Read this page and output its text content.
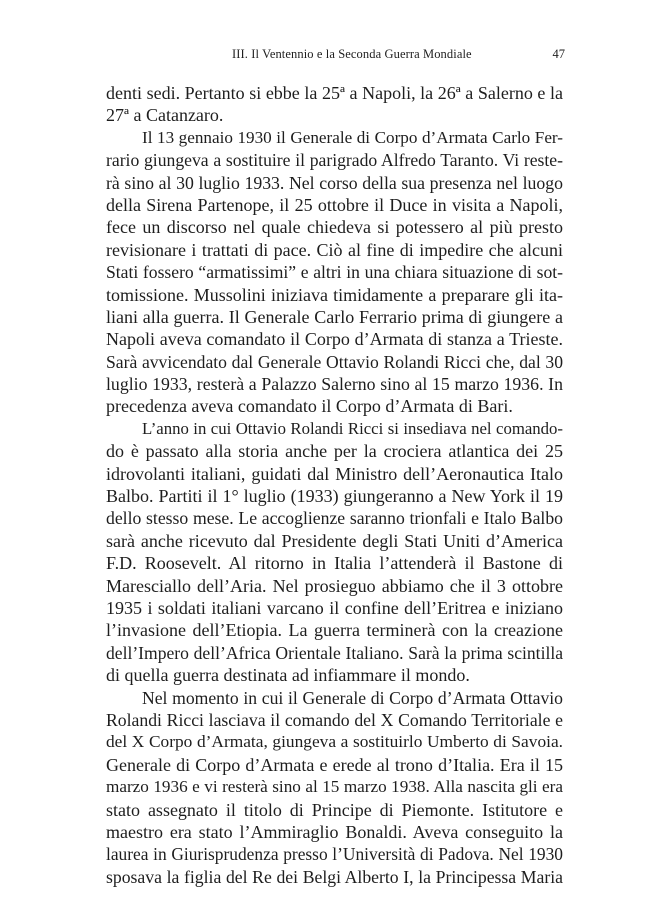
III. Il Ventennio e la Seconda Guerra Mondiale	47
denti sedi. Pertanto si ebbe la 25ª a Napoli, la 26ª a Salerno e la
27ª a Catanzaro.
Il 13 gennaio 1930 il Generale di Corpo d’Armata Carlo Fer-
rario giungeva a sostituire il parigrado Alfredo Taranto. Vi reste-
rà sino al 30 luglio 1933. Nel corso della sua presenza nel luogo
della Sirena Partenope, il 25 ottobre il Duce in visita a Napoli,
fece un discorso nel quale chiedeva si potessero al più presto
revisionare i trattati di pace. Ciò al fine di impedire che alcuni
Stati fossero “armatissimi” e altri in una chiara situazione di sot-
tomissione. Mussolini iniziava timidamente a preparare gli ita-
liani alla guerra. Il Generale Carlo Ferrario prima di giungere a
Napoli aveva comandato il Corpo d’Armata di stanza a Trieste.
Sarà avvicendato dal Generale Ottavio Rolandi Ricci che, dal 30
luglio 1933, resterà a Palazzo Salerno sino al 15 marzo 1936. In
precedenza aveva comandato il Corpo d’Armata di Bari.
L’anno in cui Ottavio Rolandi Ricci si insediava nel comando-
do è passato alla storia anche per la crociera atlantica dei 25
idrovolanti italiani, guidati dal Ministro dell’Aeronautica Italo
Balbo. Partiti il 1° luglio (1933) giungeranno a New York il 19
dello stesso mese. Le accoglienze saranno trionfali e Italo Balbo
sarà anche ricevuto dal Presidente degli Stati Uniti d’America
F.D. Roosevelt. Al ritorno in Italia l’attenderà il Bastone di
Maresciallo dell’Aria. Nel prosieguo abbiamo che il 3 ottobre
1935 i soldati italiani varcano il confine dell’Eritrea e iniziano
l’invasione dell’Etiopia. La guerra terminerà con la creazione
dell’Impero dell’Africa Orientale Italiano. Sarà la prima scintilla
di quella guerra destinata ad infiammare il mondo.
Nel momento in cui il Generale di Corpo d’Armata Ottavio
Rolandi Ricci lasciava il comando del X Comando Territoriale e
del X Corpo d’Armata, giungeva a sostituirlo Umberto di Savoia.
Generale di Corpo d’Armata e erede al trono d’Italia. Era il 15
marzo 1936 e vi resterà sino al 15 marzo 1938. Alla nascita gli era
stato assegnato il titolo di Principe di Piemonte. Istitutore e
maestro era stato l’Ammiraglio Bonaldi. Aveva conseguito la
laurea in Giurisprudenza presso l’Università di Padova. Nel 1930
sposava la figlia del Re dei Belgi Alberto I, la Principessa Maria
